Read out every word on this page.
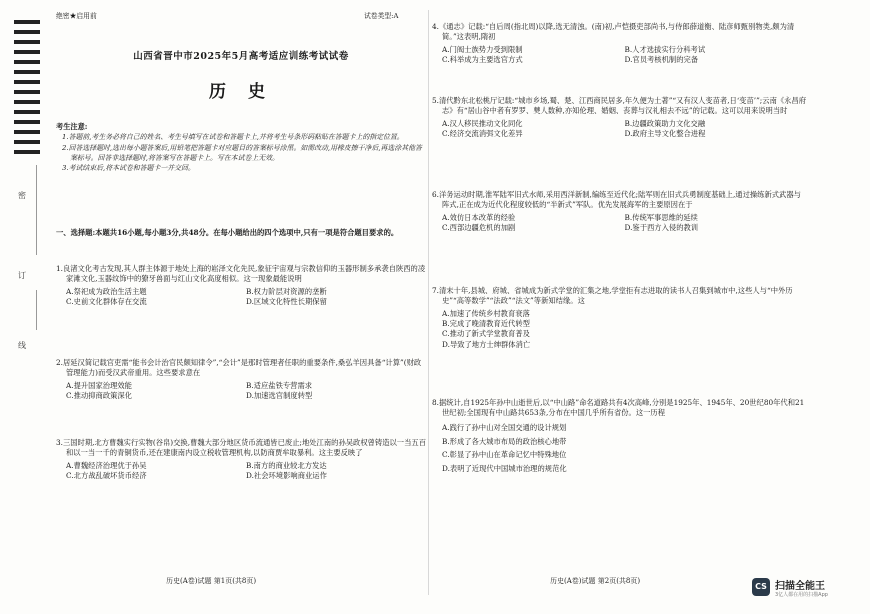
密
订
线
绝密★启用前	试卷类型:A
山西省晋中市2025年5月高考适应训练考试试卷
历 史
考生注意:
1.答题前,考生务必将自己的姓名、考生号填写在试卷和答题卡上,并将考生号条形码粘贴在答题卡上的指定位置。
2.回答选择题时,选出每小题答案后,用铅笔把答题卡对应题目的答案标号涂黑。如需改动,用橡皮擦干净后,再选涂其他答案标号。回答非选择题时,将答案写在答题卡上。写在本试卷上无效。
3.考试结束后,将本试卷和答题卡一并交回。
一、选择题:本题共16小题,每小题3分,共48分。在每小题给出的四个选项中,只有一项是符合题目要求的。
1.良渚文化考古发现,其人群主体源于地处上海的崧泽文化先民,象征宇宙观与宗教信仰的玉器形制多承袭自陕西的凌家滩文化,玉器纹饰中的獠牙兽面与红山文化高度相似。这一现象最能说明
A.祭祀成为政治生活主题	B.权力阶层对资源的垄断
C.史前文化群体存在交流	D.区域文化特性长期保留
2.居延汉简记载官吏需“能书会计治官民颇知律令”,“会计”是那时管理者任职的重要条件,桑弘羊因具备“计算”(财政管理能力)而受汉武帝重用。这些要求意在
A.提升国家治理效能	B.适应盐铁专营需求
C.推动抑商政策深化	D.加速选官制度转型
3.三国时期,北方曹魏实行实物(谷帛)交换,曹魏大部分地区货币流通皆已废止;地处江南的孙吴政权曾铸造以一当五百和以一当一千的青铜货币,还在建康南内设立税收管理机构,以防商贾牟取暴利。这主要反映了
A.曹魏经济治理优于孙吴	B.南方的商业较北方发达
C.北方战乱破坏货币经济	D.社会环境影响商业运作
历史(A卷)试题 第1页(共8页)
4.《通志》记载:“自后周(指北周)以降,选无清浊。(南)初,卢恺摄吏部尚书,与侍郎薛道衡、陆彦师甄别物类,颇为清简。”这表明,隋初
A.门阀士族势力受到限制	B.人才选拔实行分科考试
C.科举成为主要选官方式	D.官员考核机制的完备
5.清代黔东北松桃厅记载:“城市乡场,蜀、楚、江西商民居多,年久便为土著”“又有汉人变苗者,日‘变苗’”;云南《永昌府志》有“居山谷中者有罗罗、僰人数种,亦知伦理、婚姻、丧葬与汉礼相去不远”的记载。这可以用来说明当时
A.汉人移民推动文化同化	B.边疆政策助力文化交融
C.经济交流消弭文化差异	D.政府主导文化整合进程
6.洋务运动时期,淮军陆军旧式水师,采用西洋新制,编练至近代化;陆军则在旧式兵勇制度基础上,通过操练新式武器与阵式,正在成为近代化程度较低的“半新式”军队。优先发展海军的主要原因在于
A.效仿日本改革的经验	B.传统军事思维的延续
C.西部边疆危机的加剧	D.鉴于西方入侵的教训
7.清末十年,县城、府城、省城成为新式学堂的汇集之地,学堂拒有志进取的读书人召集到城市中,这些人与“中外历史”“高等数学”“法政”“法文”等新知结缘。这
A.加速了传统乡村教育衰落
B.完成了晚清教育近代转型
C.推动了新式学堂教育普及
D.导致了地方士绅群体消亡
8.据统计,自1925年孙中山逝世后,以“中山路”命名道路共有4次高峰,分别是1925年、1945年、20世纪80年代和21世纪初;全国现有中山路共653条,分布在中国几乎所有省份。这一历程
A.践行了孙中山对全国交通的设计规划
B.形成了各大城市布局的政治核心地带
C.彰显了孙中山在革命记忆中特殊地位
D.表明了近现代中国城市治理的规范化
历史(A卷)试题 第2页(共8页)
CS 扫描全能王
3亿人都在用的扫描App
